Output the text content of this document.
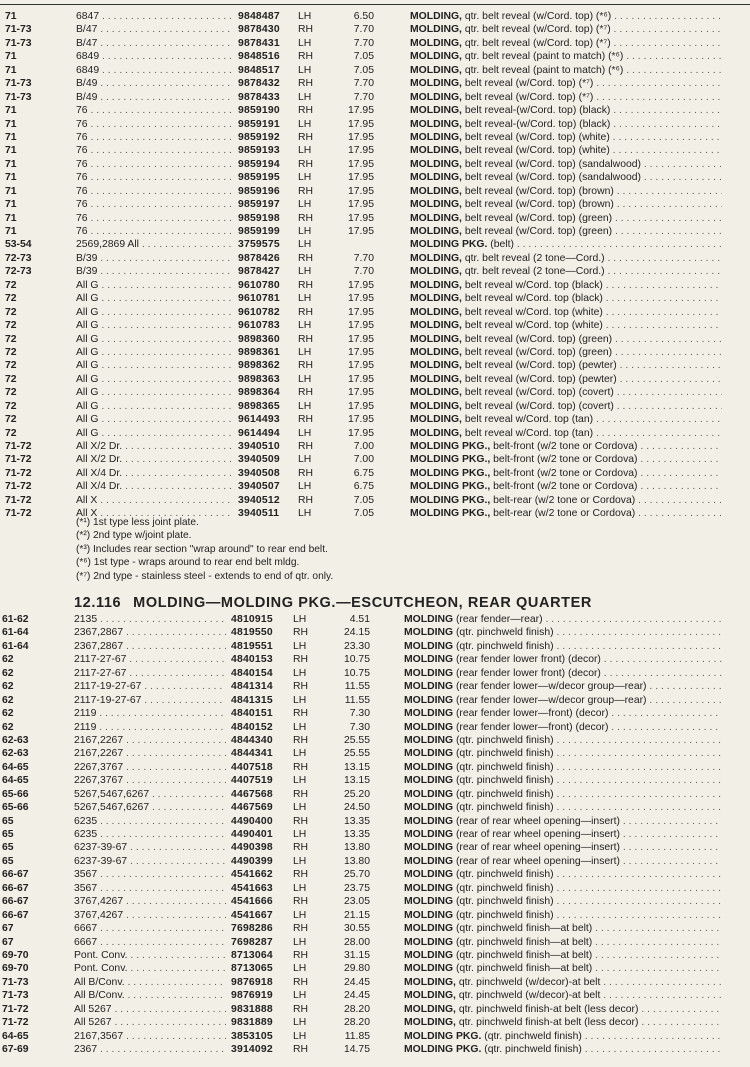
71	6847 . . .	9848487 LH	6.50	MOLDING, qtr. belt reveal (w/Cord. top) (*⁶) . . .
71-73	B/47 . . .	9878430 RH	7.70	MOLDING, qtr. belt reveal (w/Cord. top) (*⁷) . . .
71-73	B/47 . . .	9878431 LH	7.70	MOLDING, qtr. belt reveal (w/Cord. top) (*⁷) . . .
71	6849 . . .	9848516 RH	7.05	MOLDING, qtr. belt reveal (paint to match) (*⁶) . . .
71	6849 . . .	9848517 LH	7.05	MOLDING, qtr. belt reveal (paint to match) (*⁶) . . .
71-73	B/49 . . .	9878432 RH	7.70	MOLDING, belt reveal (w/Cord. top) (*⁷) . . .
71-73	B/49 . . .	9878433 LH	7.70	MOLDING, belt reveal (w/Cord. top) (*⁷) . . .
71	76 . . .	9859190 RH	17.95	MOLDING, belt reveal-(w/Cord. top) (black) . . .
71	76 . . .	9859191 LH	17.95	MOLDING, belt reveal-(w/Cord. top) (black) . . .
71	76 . . .	9859192 RH	17.95	MOLDING, belt reveal (w/Cord. top) (white) . . .
71	76 . . .	9859193 LH	17.95	MOLDING, belt reveal (w/Cord. top) (white) . . .
71	76 . . .	9859194 RH	17.95	MOLDING, belt reveal (w/Cord. top) (sandalwood) . . .
71	76 . . .	9859195 LH	17.95	MOLDING, belt reveal (w/Cord. top) (sandalwood) . . .
71	76 . . .	9859196 RH	17.95	MOLDING, belt reveal (w/Cord. top) (brown) . . .
71	76 . . .	9859197 LH	17.95	MOLDING, belt reveal (w/Cord. top) (brown) . . .
71	76 . . .	9859198 RH	17.95	MOLDING, belt reveal (w/Cord. top) (green) . . .
71	76 . . .	9859199 LH	17.95	MOLDING, belt reveal (w/Cord. top) (green) . . .
53-54	2569,2869 All . . .	3759575 LH	MOLDING PKG. (belt) . . .
72-73	B/39 . . .	9878426 RH	7.70	MOLDING, qtr. belt reveal (2 tone—Cord.) . . .
72-73	B/39 . . .	9878427 LH	7.70	MOLDING, qtr. belt reveal (2 tone—Cord.) . . .
72	All G . . .	9610780 RH	17.95	MOLDING, belt reveal w/Cord. top (black) . . .
72	All G . . .	9610781 LH	17.95	MOLDING, belt reveal w/Cord. top (black) . . .
72	All G . . .	9610782 RH	17.95	MOLDING, belt reveal w/Cord. top (white) . . .
72	All G . . .	9610783 LH	17.95	MOLDING, belt reveal w/Cord. top (white) . . .
72	All G . . .	9898360 RH	17.95	MOLDING, belt reveal (w/Cord. top) (green) . . .
72	All G . . .	9898361 LH	17.95	MOLDING, belt reveal (w/Cord. top) (green) . . .
72	All G . . .	9898362 RH	17.95	MOLDING, belt reveal (w/Cord. top) (pewter) . . .
72	All G . . .	9898363 LH	17.95	MOLDING, belt reveal (w/Cord. top) (pewter) . . .
72	All G . . .	9898364 RH	17.95	MOLDING, belt reveal (w/Cord. top) (covert) . . .
72	All G . . .	9898365 LH	17.95	MOLDING, belt reveal (w/Cord. top) (covert) . . .
72	All G . . .	9614493 RH	17.95	MOLDING, belt reveal w/Cord. top (tan) . . .
72	All G . . .	9614494 LH	17.95	MOLDING, belt reveal w/Cord. top (tan) . . .
71-72	All X/2 Dr. . . .	3940510 RH	7.00	MOLDING PKG., belt-front (w/2 tone or Cordova) . . .
71-72	All X/2 Dr. . . .	3940509 LH	7.00	MOLDING PKG., belt-front (w/2 tone or Cordova) . . .
71-72	All X/4 Dr. . . .	3940508 RH	6.75	MOLDING PKG., belt-front (w/2 tone or Cordova) . . .
71-72	All X/4 Dr. . . .	3940507 LH	6.75	MOLDING PKG., belt-front (w/2 tone or Cordova) . . .
71-72	All X . . .	3940512 RH	7.05	MOLDING PKG., belt-rear (w/2 tone or Cordova) . . .
71-72	All X . . .	3940511 LH	7.05	MOLDING PKG., belt-rear (w/2 tone or Cordova) . . .
(*¹) 1st type less joint plate.
(*²) 2nd type w/joint plate.
(*³) Includes rear section "wrap around" to rear end belt.
(*⁶) 1st type - wraps around to rear end belt mldg.
(*⁷) 2nd type - stainless steel - extends to end of qtr. only.
12.116 MOLDING—MOLDING PKG.—ESCUTCHEON, REAR QUARTER
61-62	2135 . . .	4810915 LH	4.51	MOLDING (rear fender—rear) . . .
61-64	2367,2867 . . .	4819550 RH	24.15	MOLDING (qtr. pinchweld finish) . . .
61-64	2367,2867 . . .	4819551 LH	23.30	MOLDING (qtr. pinchweld finish) . . .
62	2117-27-67 . . .	4840153 RH	10.75	MOLDING (rear fender lower front) (decor) . . .
62	2117-27-67 . . .	4840154 LH	10.75	MOLDING (rear fender lower front) (decor) . . .
62	2117-19-27-67 . . .	4841314 RH	11.55	MOLDING (rear fender lower—w/decor group—rear) . . .
62	2117-19-27-67 . . .	4841315 LH	11.55	MOLDING (rear fender lower—w/decor group—rear) . . .
62	2119 . . .	4840151 RH	7.30	MOLDING (rear fender lower—front) (decor) . . .
62	2119 . . .	4840152 LH	7.30	MOLDING (rear fender lower—front) (decor) . . .
62-63	2167,2267 . . .	4844340 RH	25.55	MOLDING (qtr. pinchweld finish) . . .
62-63	2167,2267 . . .	4844341 LH	25.55	MOLDING (qtr. pinchweld finish) . . .
64-65	2267,3767 . . .	4407518 RH	13.15	MOLDING (qtr. pinchweld finish) . . .
64-65	2267,3767 . . .	4407519 LH	13.15	MOLDING (qtr. pinchweld finish) . . .
65-66	5267,5467,6267 . . .	4467568 RH	25.20	MOLDING (qtr. pinchweld finish) . . .
65-66	5267,5467,6267 . . .	4467569 LH	24.50	MOLDING (qtr. pinchweld finish) . . .
65	6235 . . .	4490400 RH	13.35	MOLDING (rear of rear wheel opening—insert) . . .
65	6235 . . .	4490401 LH	13.35	MOLDING (rear of rear wheel opening—insert) . . .
65	6237-39-67 . . .	4490398 RH	13.80	MOLDING (rear of rear wheel opening—insert) . . .
65	6237-39-67 . . .	4490399 LH	13.80	MOLDING (rear of rear wheel opening—insert) . . .
66-67	3567 . . .	4541662 RH	25.70	MOLDING (qtr. pinchweld finish) . . .
66-67	3567 . . .	4541663 LH	23.75	MOLDING (qtr. pinchweld finish) . . .
66-67	3767,4267 . . .	4541666 RH	23.05	MOLDING (qtr. pinchweld finish) . . .
66-67	3767,4267 . . .	4541667 LH	21.15	MOLDING (qtr. pinchweld finish) . . .
67	6667 . . .	7698286 RH	30.55	MOLDING (qtr. pinchweld finish—at belt) . . .
67	6667 . . .	7698287 LH	28.00	MOLDING (qtr. pinchweld finish—at belt) . . .
69-70	Pont. Conv. . . .	8713064 RH	31.15	MOLDING (qtr. pinchweld finish—at belt) . . .
69-70	Pont. Conv. . . .	8713065 LH	29.80	MOLDING (qtr. pinchweld finish—at belt) . . .
71-73	All B/Conv. . . .	9876918 RH	24.45	MOLDING, qtr. pinchweld (w/decor)-at belt . . .
71-73	All B/Conv. . . .	9876919 LH	24.45	MOLDING, qtr. pinchweld (w/decor)-at belt . . .
71-72	All 5267 . . .	9831888 RH	28.20	MOLDING, qtr. pinchweld finish-at belt (less decor) . . .
71-72	All 5267 . . .	9831889 LH	28.20	MOLDING, qtr. pinchweld finish-at belt (less decor) . . .
64-65	2167,3567 . . .	3853105 LH	11.85	MOLDING PKG. (qtr. pinchweld finish) . . .
67-69	2367 . . .	3914092 RH	14.75	MOLDING PKG. (qtr. pinchweld finish) . . .
